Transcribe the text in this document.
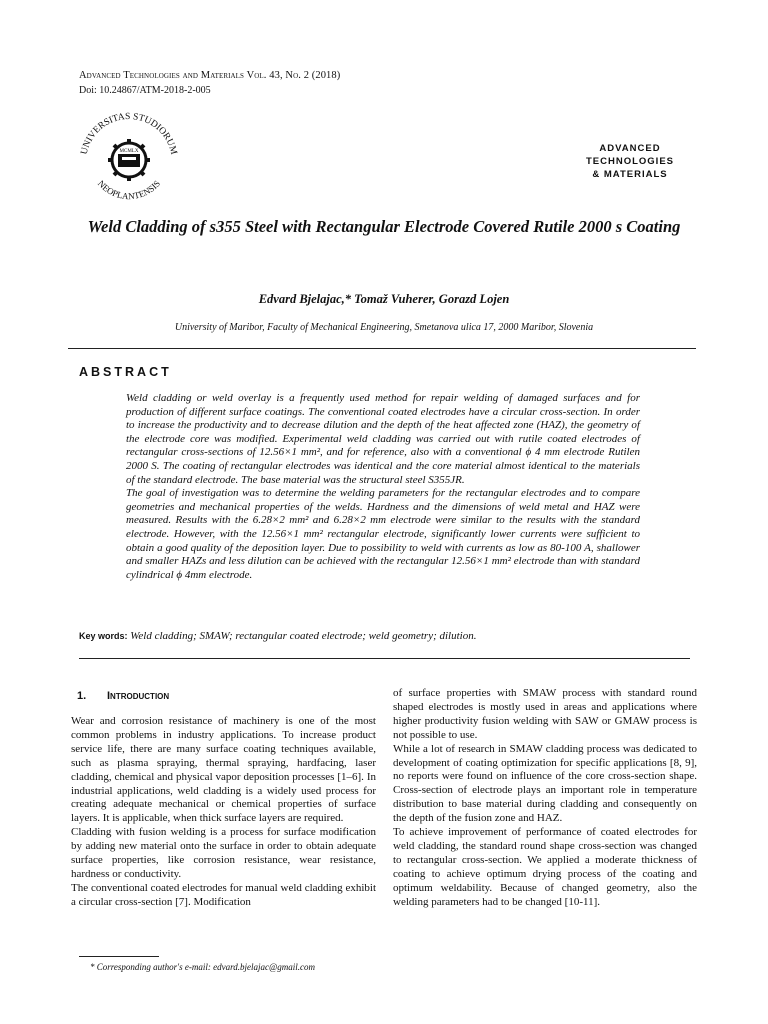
Advanced Technologies and Materials Vol. 43, No. 2 (2018)
Doi: 10.24867/ATM-2018-2-005
UNIVERSITAS STUDIORUM
NEOPLANTENSIS
MCMLX	ADVANCED
TECHNOLOGIES
& MATERIALS
Weld Cladding of s355 Steel with Rectangular Electrode Covered Rutile 2000 s Coating
Edvard Bjelajac,* Tomaž Vuherer, Gorazd Lojen
University of Maribor, Faculty of Mechanical Engineering, Smetanova ulica 17, 2000 Maribor, Slovenia
ABSTRACT

Weld cladding or weld overlay is a frequently used method for repair welding of damaged surfaces and for production of different surface coatings. The conventional coated electrodes have a circular cross-section. In order to increase the productivity and to decrease dilution and the depth of the heat affected zone (HAZ), the geometry of the electrode core was modified. Experimental weld cladding was carried out with rutile coated electrodes of rectangular cross-sections of 12.56×1 mm², and for reference, also with a conventional ϕ 4 mm electrode Rutilen 2000 S. The coating of rectangular electrodes was identical and the core material almost identical to the materials of the standard electrode. The base material was the structural steel S355JR.

The goal of investigation was to determine the welding parameters for the rectangular electrodes and to compare geometries and mechanical properties of the welds. Hardness and the dimensions of weld metal and HAZ were measured. Results with the 6.28×2 mm² and 6.28×2 mm electrode were similar to the results with the standard electrode. However, with the 12.56×1 mm² rectangular electrode, significantly lower currents were sufficient to obtain a good quality of the deposition layer. Due to possibility to weld with currents as low as 80-100 A, shallower and smaller HAZs and less dilution can be achieved with the rectangular 12.56×1 mm² electrode than with standard cylindrical ϕ 4mm electrode.

Key words: Weld cladding; SMAW; rectangular coated electrode; weld geometry; dilution.
1. Introduction

Wear and corrosion resistance of machinery is one of the most common problems in industry applications. To increase product service life, there are many surface coating techniques available, such as plasma spraying, thermal spraying, hardfacing, laser cladding, chemical and physical vapor deposition processes [1–6]. In industrial applications, weld cladding is a widely used process for creating adequate mechanical or chemical properties of surface layers. It is applicable, when thick surface layers are required.

Cladding with fusion welding is a process for surface modification by adding new material onto the surface in order to obtain adequate surface properties, like corrosion resistance, wear resistance, hardness or conductivity.

The conventional coated electrodes for manual weld cladding exhibit a circular cross-section [7]. Modification

of surface properties with SMAW process with standard round shaped electrodes is mostly used in areas and applications where higher productivity fusion welding with SAW or GMAW process is not possible to use.

While a lot of research in SMAW cladding process was dedicated to development of coating optimization for specific applications [8, 9], no reports were found on influence of the core cross-section shape. Cross-section of electrode plays an important role in temperature distribution to base material during cladding and consequently on the depth of the fusion zone and HAZ.

To achieve improvement of performance of coated electrodes for weld cladding, the standard round shape cross-section was changed to rectangular cross-section. We applied a moderate thickness of coating to achieve optimum drying process of the coating and optimum weldability. Because of changed geometry, also the welding parameters had to be changed [10-11].

* Corresponding author's e-mail: edvard.bjelajac@gmail.com
